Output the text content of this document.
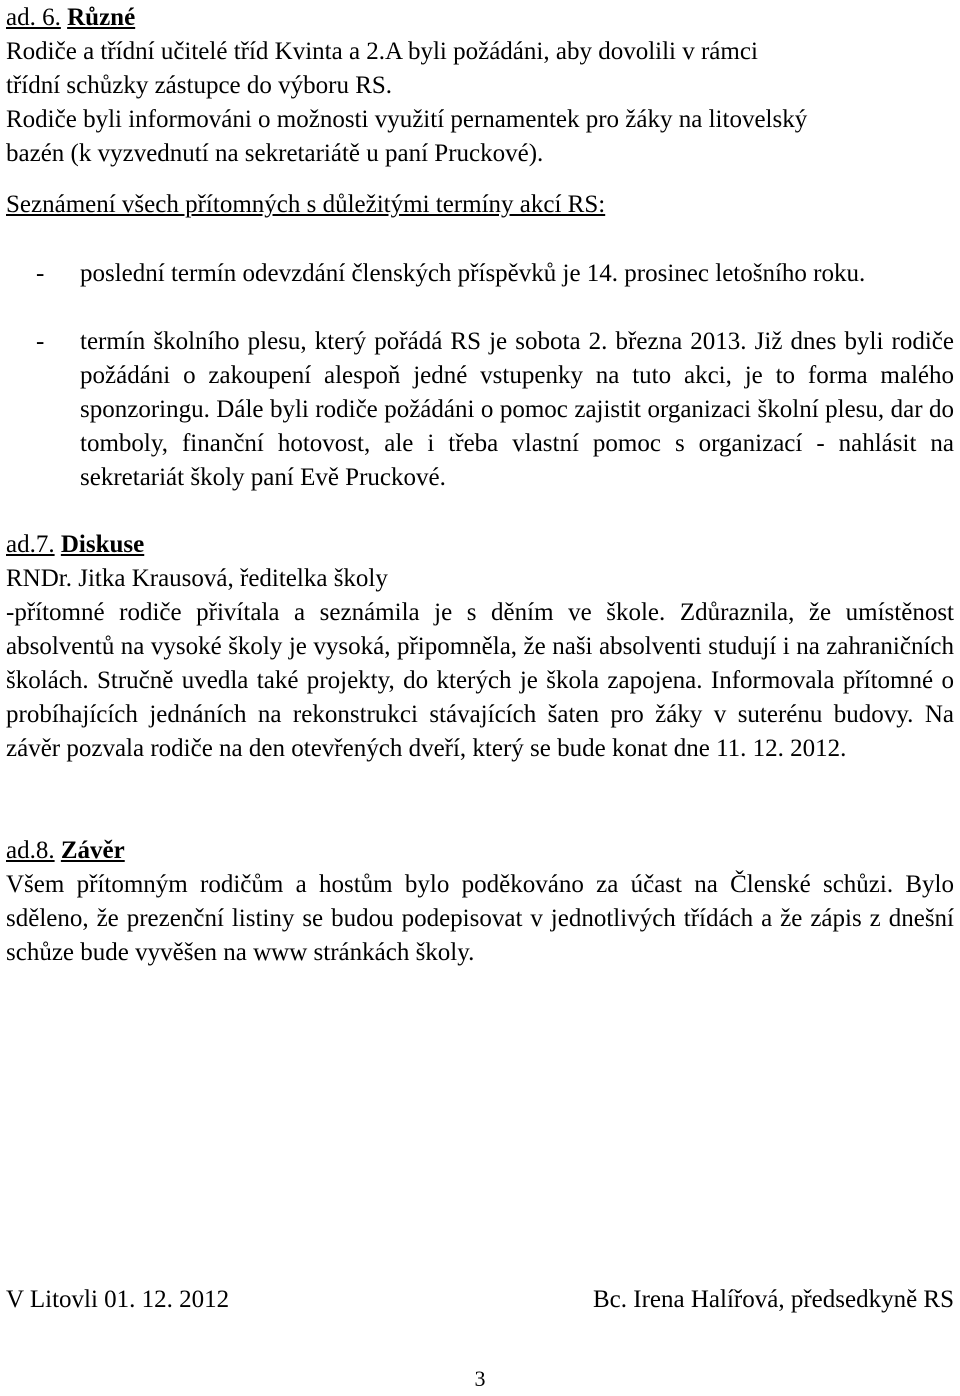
ad. 6. Různé

Rodiče a třídní učitelé tříd Kvinta a 2.A byli požádáni, aby dovolili v rámci

třídní schůzky zástupce do výboru RS.

Rodiče byli informováni o možnosti využití pernamentek pro žáky na litovelský

bazén (k vyzvednutí na sekretariátě u paní Pruckové).

Seznámení všech přítomných s důležitými termíny akcí RS:

- poslední termín odevzdání členských příspěvků je 14. prosinec letošního roku.
- termín školního plesu, který pořádá RS je sobota 2. března 2013. Již dnes byli rodiče požádáni o zakoupení alespoň jedné vstupenky na tuto akci, je to forma malého sponzoringu. Dále byli rodiče požádáni o pomoc zajistit organizaci školní plesu, dar do tomboly, finanční hotovost, ale i třeba vlastní pomoc s organizací - nahlásit na sekretariát školy paní Evě Pruckové.

ad.7. Diskuse

RNDr. Jitka Krausová, ředitelka školy

-přítomné rodiče přivítala a seznámila je s děním ve škole. Zdůraznila, že umístěnost absolventů na vysoké školy je vysoká, připomněla, že naši absolventi studují i na zahraničních školách. Stručně uvedla také projekty, do kterých je škola zapojena. Informovala přítomné o probíhajících jednáních na rekonstrukci stávajících šaten pro žáky v suterénu budovy. Na závěr pozvala rodiče na den otevřených dveří, který se bude konat dne 11. 12. 2012.

ad.8. Závěr

Všem přítomným rodičům a hostům bylo poděkováno za účast na Členské schůzi. Bylo sděleno, že prezenční listiny se budou podepisovat v jednotlivých třídách a že zápis z dnešní schůze bude vyvěšen na www stránkách školy.

V Litovli 01. 12. 2012	Bc. Irena Halířová, předsedkyně RS
3
